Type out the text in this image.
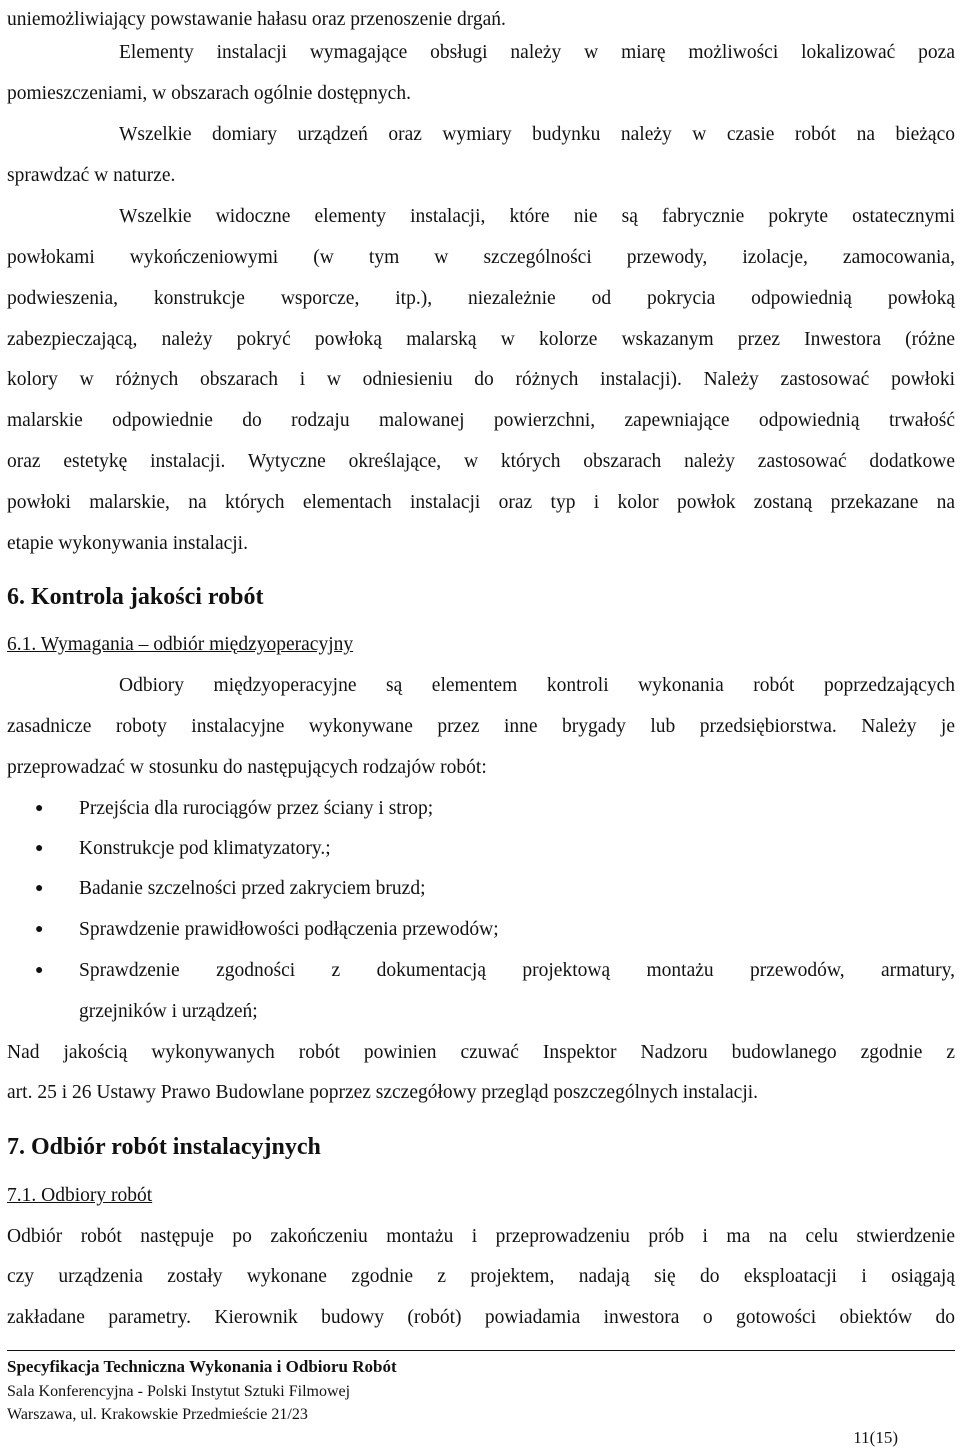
uniemożliwiający powstawanie hałasu oraz przenoszenie drgań.
Elementy instalacji wymagające obsługi należy w miarę możliwości lokalizować poza
pomieszczeniami, w obszarach ogólnie dostępnych.
Wszelkie domiary urządzeń oraz wymiary budynku należy w czasie robót na bieżąco
sprawdzać w naturze.
Wszelkie widoczne elementy instalacji, które nie są fabrycznie pokryte ostatecznymi
powłokami wykończeniowymi (w tym w szczególności przewody, izolacje, zamocowania,
podwieszenia, konstrukcje wsporcze, itp.), niezależnie od pokrycia odpowiednią powłoką
zabezpieczającą, należy pokryć powłoką malarską w kolorze wskazanym przez Inwestora (różne
kolory w różnych obszarach i w odniesieniu do różnych instalacji). Należy zastosować powłoki
malarskie odpowiednie do rodzaju malowanej powierzchni, zapewniające odpowiednią trwałość
oraz estetykę instalacji. Wytyczne określające, w których obszarach należy zastosować dodatkowe
powłoki malarskie, na których elementach instalacji oraz typ i kolor powłok zostaną przekazane na
etapie wykonywania instalacji.
6. Kontrola jakości robót
6.1. Wymagania – odbiór międzyoperacyjny
Odbiory międzyoperacyjne są elementem kontroli wykonania robót poprzedzających
zasadnicze roboty instalacyjne wykonywane przez inne brygady lub przedsiębiorstwa. Należy je
przeprowadzać w stosunku do następujących rodzajów robót:
● Przejścia dla rurociągów przez ściany i strop;
● Konstrukcje pod klimatyzatory.;
● Badanie szczelności przed zakryciem bruzd;
● Sprawdzenie prawidłowości podłączenia przewodów;
● Sprawdzenie zgodności z dokumentacją projektową montażu przewodów, armatury,
grzejników i urządzeń;
Nad jakością wykonywanych robót powinien czuwać Inspektor Nadzoru budowlanego zgodnie z
art. 25 i 26 Ustawy Prawo Budowlane poprzez szczegółowy przegląd poszczególnych instalacji.
7. Odbiór robót instalacyjnych
7.1. Odbiory robót
Odbiór robót następuje po zakończeniu montażu i przeprowadzeniu prób i ma na celu stwierdzenie
czy urządzenia zostały wykonane zgodnie z projektem, nadają się do eksploatacji i osiągają
zakładane parametry. Kierownik budowy (robót) powiadamia inwestora o gotowości obiektów do
Specyfikacja Techniczna Wykonania i Odbioru Robót
Sala Konferencyjna - Polski Instytut Sztuki Filmowej
Warszawa, ul. Krakowskie Przedmieście 21/23
11(15)
